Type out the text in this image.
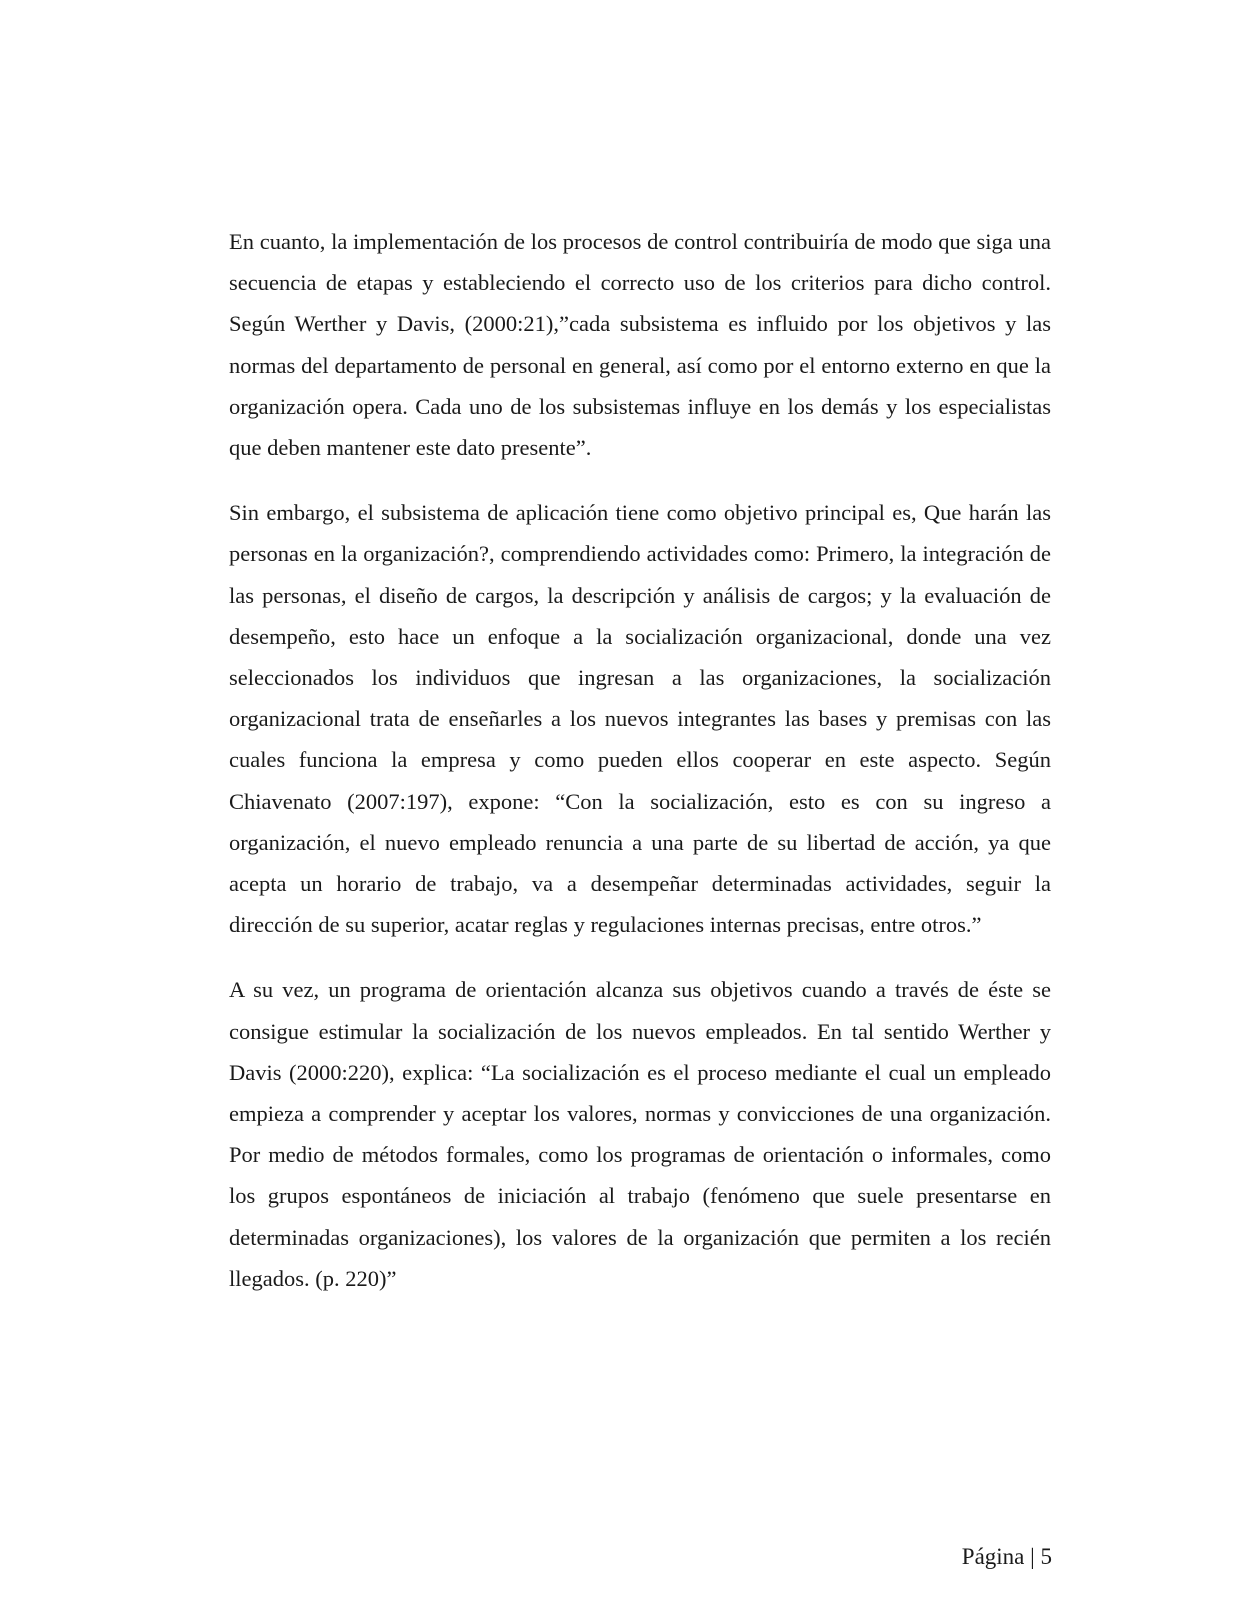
En cuanto, la implementación de los procesos de control contribuiría de modo que siga una secuencia de etapas y estableciendo el correcto uso de los criterios para dicho control. Según Werther y Davis, (2000:21),”cada subsistema es influido por los objetivos y las normas del departamento de personal en general, así como por el entorno externo en que la organización opera. Cada uno de los subsistemas influye en los demás y los especialistas que deben mantener este dato presente”.

Sin embargo, el subsistema de aplicación tiene como objetivo principal es, Que harán las personas en la organización?, comprendiendo actividades como: Primero, la integración de las personas, el diseño de cargos, la descripción y análisis de cargos; y la evaluación de desempeño, esto hace un enfoque a la socialización organizacional, donde una vez seleccionados los individuos que ingresan a las organizaciones, la socialización organizacional trata de enseñarles a los nuevos integrantes las bases y premisas con las cuales funciona la empresa y como pueden ellos cooperar en este aspecto. Según Chiavenato (2007:197), expone: “Con la socialización, esto es con su ingreso a organización, el nuevo empleado renuncia a una parte de su libertad de acción, ya que acepta un horario de trabajo, va a desempeñar determinadas actividades, seguir la dirección de su superior, acatar reglas y regulaciones internas precisas, entre otros.”

A su vez, un programa de orientación alcanza sus objetivos cuando a través de éste se consigue estimular la socialización de los nuevos empleados. En tal sentido Werther y Davis (2000:220), explica: “La socialización es el proceso mediante el cual un empleado empieza a comprender y aceptar los valores, normas y convicciones de una organización. Por medio de métodos formales, como los programas de orientación o informales, como los grupos espontáneos de iniciación al trabajo (fenómeno que suele presentarse en determinadas organizaciones), los valores de la organización que permiten a los recién llegados. (p. 220)”

Página | 5
